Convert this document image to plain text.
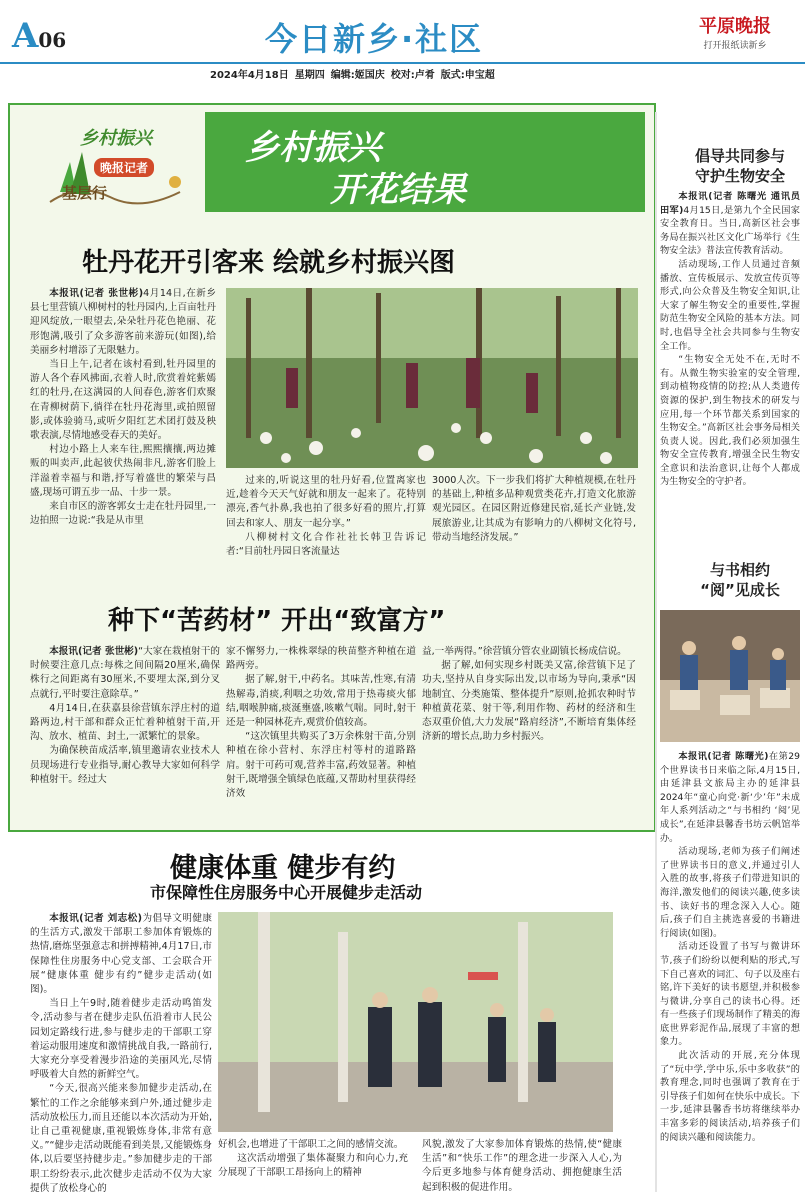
A06	今日新乡·社区	平原晚报
打开报纸读新乡
2024年4月18日 星期四 编辑:姬国庆 校对:卢肴 版式:申宝超
乡村振兴
开花结果
乡村振兴
晚报记者
基层行
牡丹花开引客来 绘就乡村振兴图

本报讯(记者 张世彬)4月14日,在新乡县七里营镇八柳树村的牡丹园内,上百亩牡丹迎风绽放,一眼望去,朵朵牡丹花色艳丽、花形饱满,吸引了众多游客前来游玩(如图),给美丽乡村增添了无限魅力。

当日上午,记者在该村看到,牡丹园里的游人各个春风拂面,衣着人时,欣赏着姹紫嫣红的牡丹,在这满园的人间春色,游客们欢聚在青柳树荫下,徜徉在牡丹花海里,或拍照留影,或体验骑马,或听夕阳红艺术团打鼓及秧歌表演,尽情地感受春天的美好。

村边小路上人来车往,熙熙攘攘,两边摊贩的叫卖声,此起彼伏热闹非凡,游客们脸上洋溢着幸福与和谐,抒写着盛世的繁荣与昌盛,现场可谓五步一品、十步一景。

来自市区的游客郭女士走在牡丹园里,一边拍照一边说:“我是从市里

过来的,听说这里的牡丹好看,位置离家也近,趁着今天天气好就和朋友一起来了。花特别漂亮,香气扑鼻,我也拍了很多好看的照片,打算回去和家人、朋友一起分享。”

八柳树村文化合作社社长韩卫告诉记者:“目前牡丹园日客流量达

3000人次。下一步我们将扩大种植规模,在牡丹的基础上,种植多品种观赏类花卉,打造文化旅游观光园区。在园区附近修建民宿,延长产业链,发展旅游业,让其成为有影响力的八柳树文化符号,带动当地经济发展。”

种下“苦药材” 开出“致富方”

本报讯(记者 张世彬)“大家在栽植射干的时候要注意几点:每株之间间隔20厘米,确保株行之间距离有30厘米,不要埋太深,到分叉点就行,平时要注意除草。”

4月14日,在获嘉县徐营镇东浮庄村的道路两边,村干部和群众正忙着种植射干苗,开沟、放水、植苗、封土,一派繁忙的景象。

为确保秧苗成活率,镇里邀请农业技术人员现场进行专业指导,耐心教导大家如何科学种植射干。经过大

家不懈努力,一株株翠绿的秧苗整齐种植在道路两旁。

据了解,射干,中药名。其味苦,性寒,有清热解毒,消痰,利咽之功效,常用于热毒痰火郁结,咽喉肿痛,痰涎壅盛,咳嗽气喘。同时,射干还是一种园林花卉,观赏价值较高。

“这次镇里共购买了3万余株射干苗,分别种植在徐小营村、东浮庄村等村的道路路肩。射干可药可观,营养丰富,药效显著。种植射干,既增强全镇绿色底蕴,又帮助村里获得经济效

益,一举两得。”徐营镇分管农业副镇长杨成信说。

据了解,如何实现乡村既美又富,徐营镇下足了功夫,坚持从自身实际出发,以市场为导向,秉承“因地制宜、分类施策、整体提升”原则,抢抓农种时节种植黄花菜、射干等,利用作物、药材的经济和生态双重价值,大力发展“路肩经济”,不断培育集体经济新的增长点,助力乡村振兴。

健康体重 健步有约
市保障性住房服务中心开展健步走活动

本报讯(记者 刘志松)为倡导文明健康的生活方式,激发干部职工参加体育锻炼的热情,磨炼坚强意志和拼搏精神,4月17日,市保障性住房服务中心党支部、工会联合开展“健康体重 健步有约”健步走活动(如图)。

当日上午9时,随着健步走活动鸣笛发令,活动参与者在健步走队伍沿着市人民公园划定路线行进,参与健步走的干部职工穿着运动服用速度和激情挑战自我,一路前行,大家充分享受着漫步沿途的美丽风光,尽情呼吸着大自然的新鲜空气。

“今天,很高兴能来参加健步走活动,在繁忙的工作之余能够来到户外,通过健步走活动放松压力,而且还能以本次活动为开始,让自己重视健康,重视锻炼身体,非常有意义。”“健步走活动既能看到美景,又能锻炼身体,以后要坚持健步走。”参加健步走的干部职工纷纷表示,此次健步走活动不仅为大家提供了放松身心的

好机会,也增进了干部职工之间的感情交流。

这次活动增强了集体凝聚力和向心力,充分展现了干部职工昂扬向上的精神

风貌,激发了大家参加体育锻炼的热情,使“健康生活”和“快乐工作”的理念进一步深入人心,为今后更多地参与体育健身活动、拥抱健康生活起到积极的促进作用。

倡导共同参与
守护生物安全

本报讯(记者 陈曙光 通讯员 田军)4月15日,是第九个全民国家安全教育日。当日,高新区社会事务局在振兴社区文化广场举行《生物安全法》普法宣传教育活动。

活动现场,工作人员通过音频播放、宣传板展示、发放宣传页等形式,向公众普及生物安全知识,让大家了解生物安全的重要性,掌握防范生物安全风险的基本方法。同时,也倡导全社会共同参与生物安全工作。

“生物安全无处不在,无时不有。从微生物实验室的安全管理,到动植物疫情的防控;从人类遗传资源的保护,到生物技术的研发与应用,每一个环节都关系到国家的生物安全。”高新区社会事务局相关负责人说。因此,我们必须加强生物安全宣传教育,增强全民生物安全意识和法治意识,让每个人都成为生物安全的守护者。

与书相约
“阅”见成长

本报讯(记者 陈曙光)在第29个世界读书日来临之际,4月15日,由延津县文旅局主办的延津县2024年“童心向党·新‘少’年”未成年人系列活动之“与书相约 ‘阅’见成长”,在延津县馨香书坊云帆馆举办。

活动现场,老师为孩子们阐述了世界读书日的意义,并通过引人入胜的故事,将孩子们带进知识的海洋,激发他们的阅读兴趣,使多读书、读好书的理念深入人心。随后,孩子们自主挑选喜爱的书籍进行阅读(如图)。

活动还设置了书写与微讲环节,孩子们纷纷以便利贴的形式,写下自己喜欢的词汇、句子以及座右铭,许下美好的读书愿望,并积极参与微讲,分享自己的读书心得。还有一些孩子们现场制作了精美的海底世界彩泥作品,展现了丰富的想象力。

此次活动的开展,充分体现了“玩中学,学中乐,乐中多收获”的教育理念,同时也强调了教育在于引导孩子们如何在快乐中成长。下一步,延津县馨香书坊将继续举办丰富多彩的阅读活动,培养孩子们的阅读兴趣和阅读能力。
